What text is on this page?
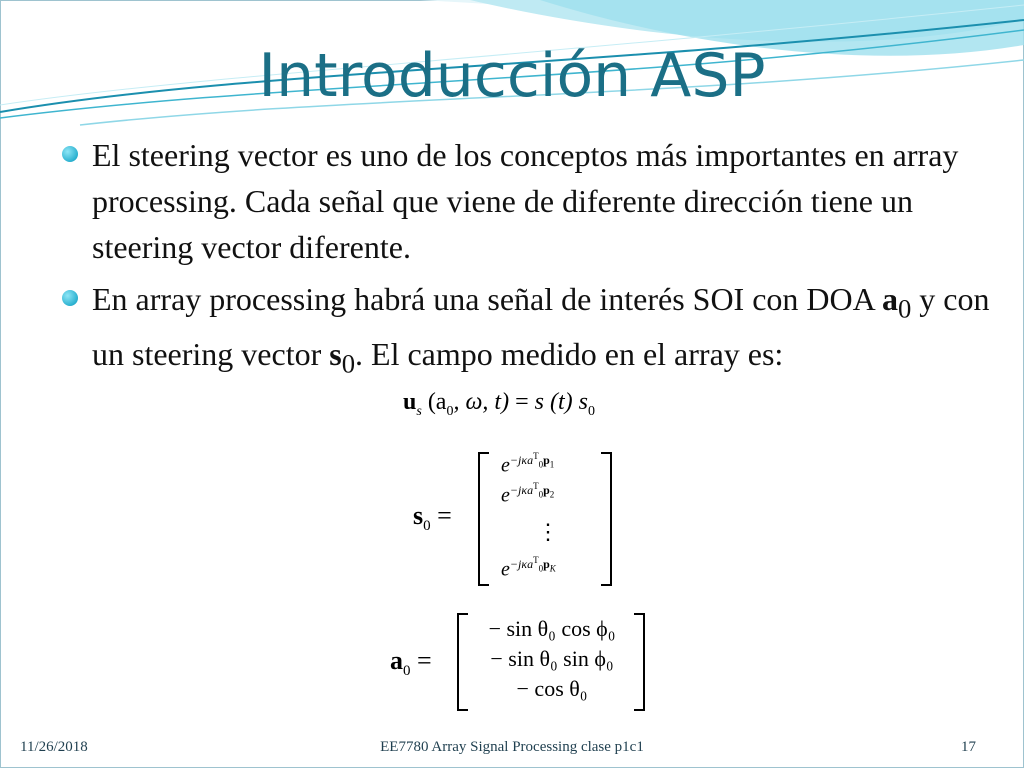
Introducción ASP
El steering vector es uno de los conceptos más importantes en array processing. Cada señal que viene de diferente dirección tiene un steering vector diferente.
En array processing habrá una señal de interés SOI con DOA $a_0$ y con un steering vector $s_0$. El campo medido en el array es:
$u_s$ ($a_0$, ω, t) = s (t) $s_0$
$s_0$ =
$e^{-j\kappa a^T_0p_1}$
$e^{-j\kappa a^T_0p_2}$
⋮
$e^{-j\kappa a^T_0p_K}$
$a_0$ =
− sin θ₀ cos ϕ₀
− sin θ₀ sin ϕ₀
− cos θ₀
11/26/2018	EE7780 Array Signal Processing clase p1c1	17
